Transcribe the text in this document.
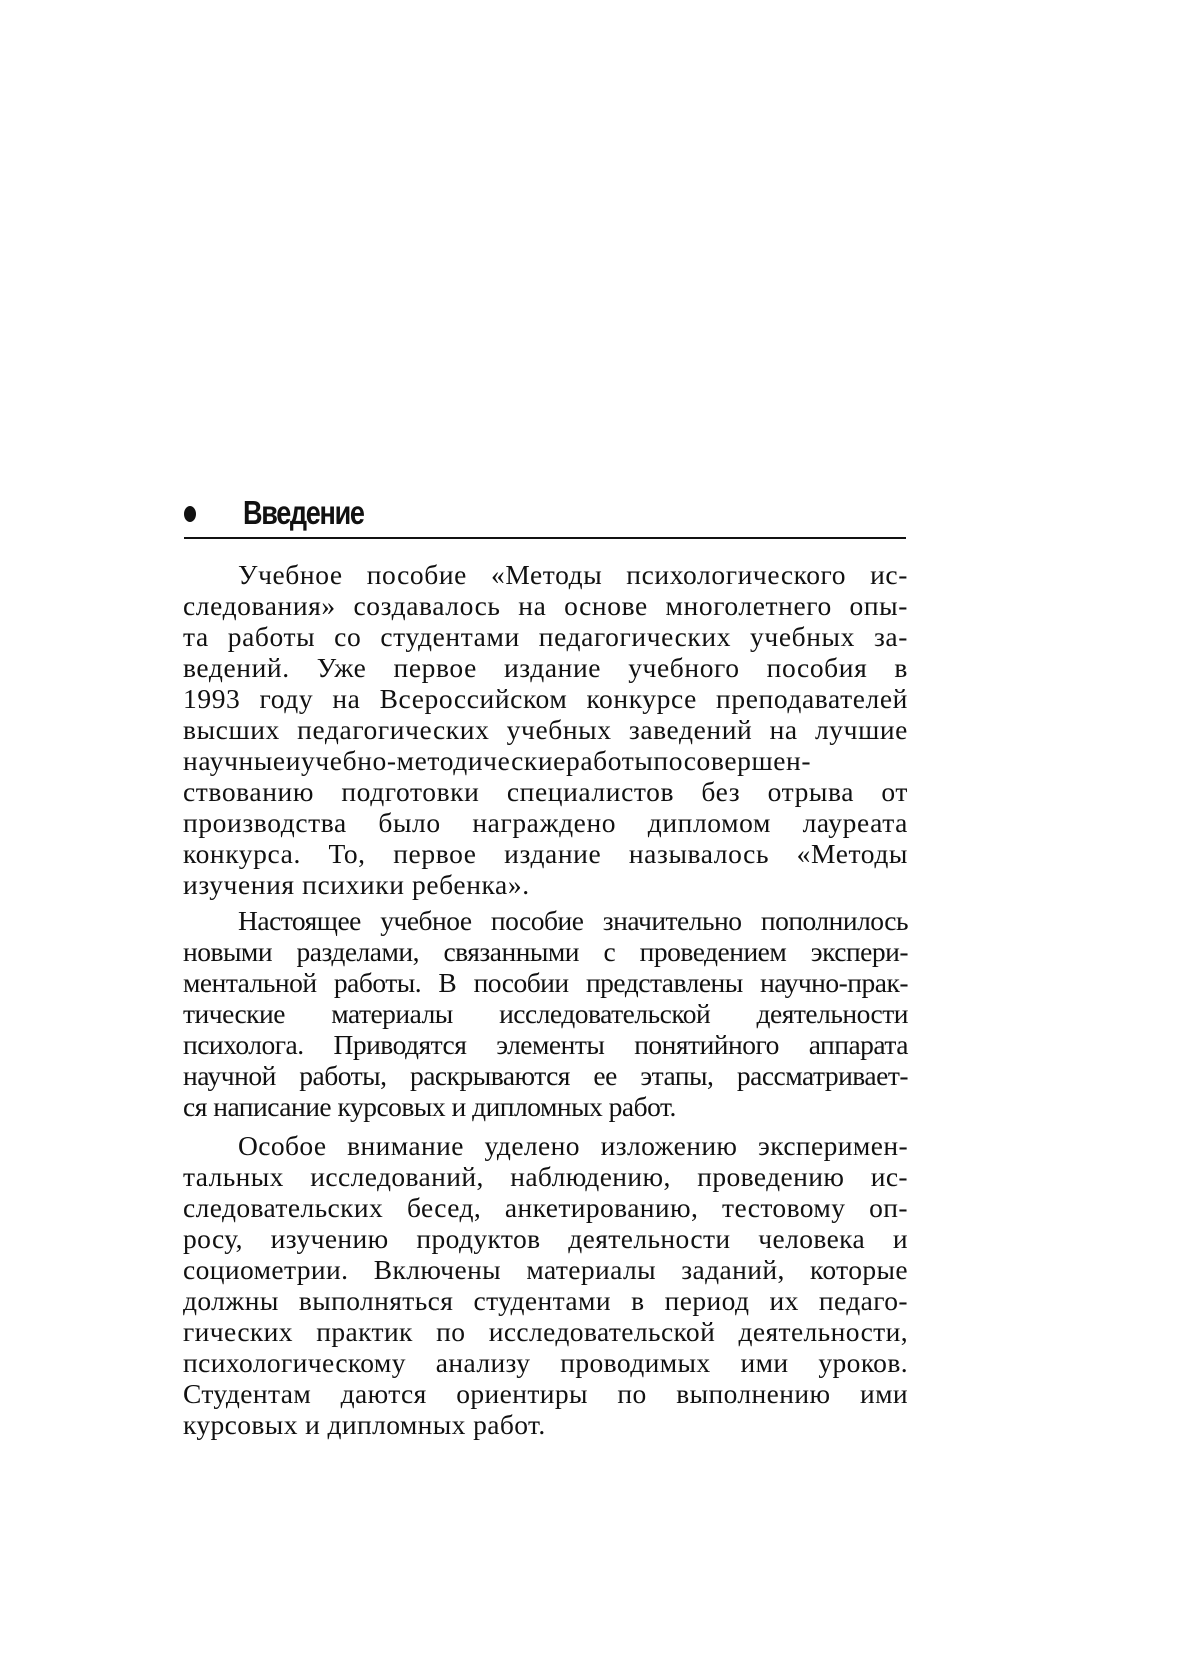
Введение

Учебное пособие «Методы психологического ис-
следования» создавалось на основе многолетнего опы-
та работы со студентами педагогических учебных за-
ведений. Уже первое издание учебного пособия в
1993 году на Всероссийском конкурсе преподавателей
высших педагогических учебных заведений на лучшие
научныеиучебно-методическиеработыпосовершен-
ствованию подготовки специалистов без отрыва от
производства было награждено дипломом лауреата
конкурса. То, первое издание называлось «Методы
изучения психики ребенка».

Настоящее учебное пособие значительно пополнилось
новыми разделами, связанными с проведением экспери-
ментальной работы. В пособии представлены научно-прак-
тические материалы исследовательской деятельности
психолога. Приводятся элементы понятийного аппарата
научной работы, раскрываются ее этапы, рассматривает-
ся написание курсовых и дипломных работ.

Особое внимание уделено изложению эксперимен-
тальных исследований, наблюдению, проведению ис-
следовательских бесед, анкетированию, тестовому оп-
росу, изучению продуктов деятельности человека и
социометрии. Включены материалы заданий, которые
должны выполняться студентами в период их педаго-
гических практик по исследовательской деятельности,
психологическому анализу проводимых ими уроков.
Студентам даются ориентиры по выполнению ими
курсовых и дипломных работ.
